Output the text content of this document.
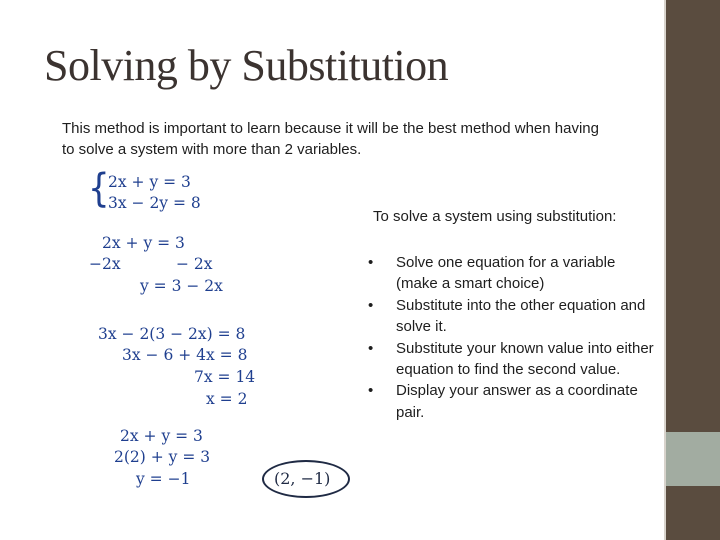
Solving by Substitution

This method is important to learn because it will be the best method when having to solve a system with more than 2 variables.

{
2x + y = 3
3x − 2y = 8
2x + y = 3
−2x	− 2x
y = 3 − 2x
3x − 2(3 − 2x) = 8
3x − 6 + 4x = 8
7x = 14
x = 2
2x + y = 3
2(2) + y = 3
y = −1	(2, −1)

To solve a system using substitution:

• Solve one equation for a variable (make a smart choice)
• Substitute into the other equation and solve it.
• Substitute your known value into either equation to find the second value.
• Display your answer as a coordinate pair.
